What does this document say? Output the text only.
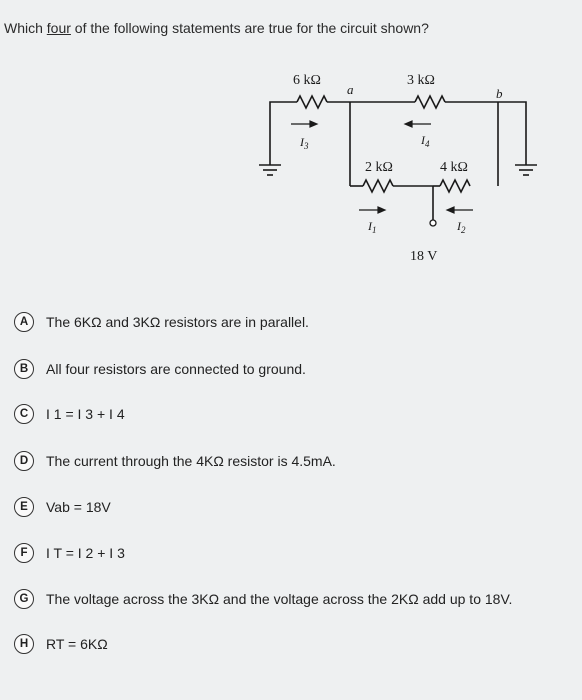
Which four of the following statements are true for the circuit shown?
6 kΩ
a
3 kΩ
b
$I_3$	$I_4$
2 kΩ	4 kΩ
$I_1$	$I_2$
18 V
A	The 6KΩ and 3KΩ resistors are in parallel.
B	All four resistors are connected to ground.
C	I 1 = I 3 + I 4
D	The current through the 4KΩ resistor is 4.5mA.
E	Vab = 18V
F	I T = I 2 + I 3
G	The voltage across the 3KΩ and the voltage across the 2KΩ add up to 18V.
H	RT = 6KΩ
